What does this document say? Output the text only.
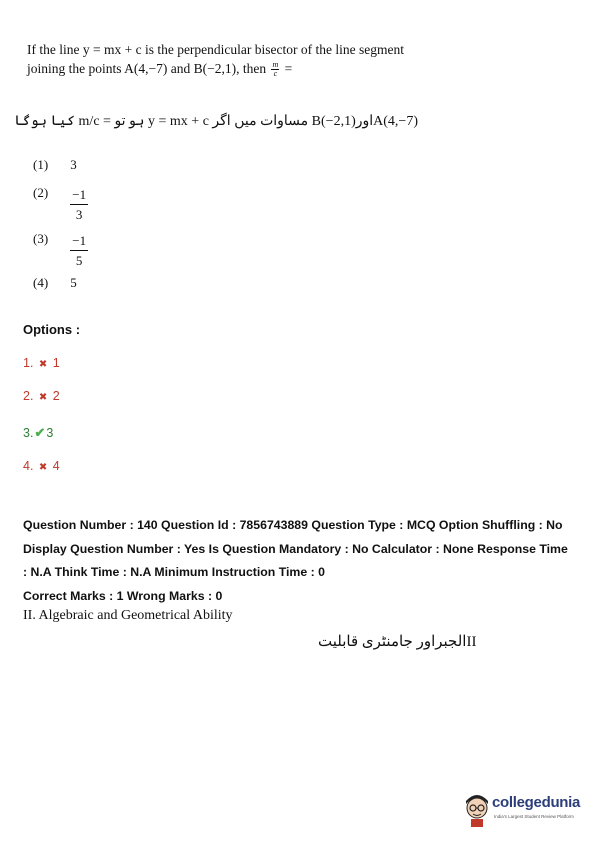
If the line y = mx + c is the perpendicular bisector of the line segment
joining the points A(4,−7) and B(−2,1), then $\frac{m}{c}$ =
A(4,−7)اورB(−2,1) مساوات میں اگر y = mx + c ہو تو = m/c کیا ہوگا
(1) 3
$(2) \frac{-1}{3}$
$(3) \frac{-1}{5}$
(4) 5
Options :
1. ✖ 1
2. ✖ 2
3.✔3
4. ✖ 4
Question Number : 140 Question Id : 7856743889 Question Type : MCQ Option Shuffling : No
Display Question Number : Yes Is Question Mandatory : No Calculator : None Response Time
: N.A Think Time : N.A Minimum Instruction Time : 0
Correct Marks : 1 Wrong Marks : 0
II. Algebraic and Geometrical Ability
IIالجبراور جامنٹری قابلیت
collegedunia
India's Largest Student Review Platform
